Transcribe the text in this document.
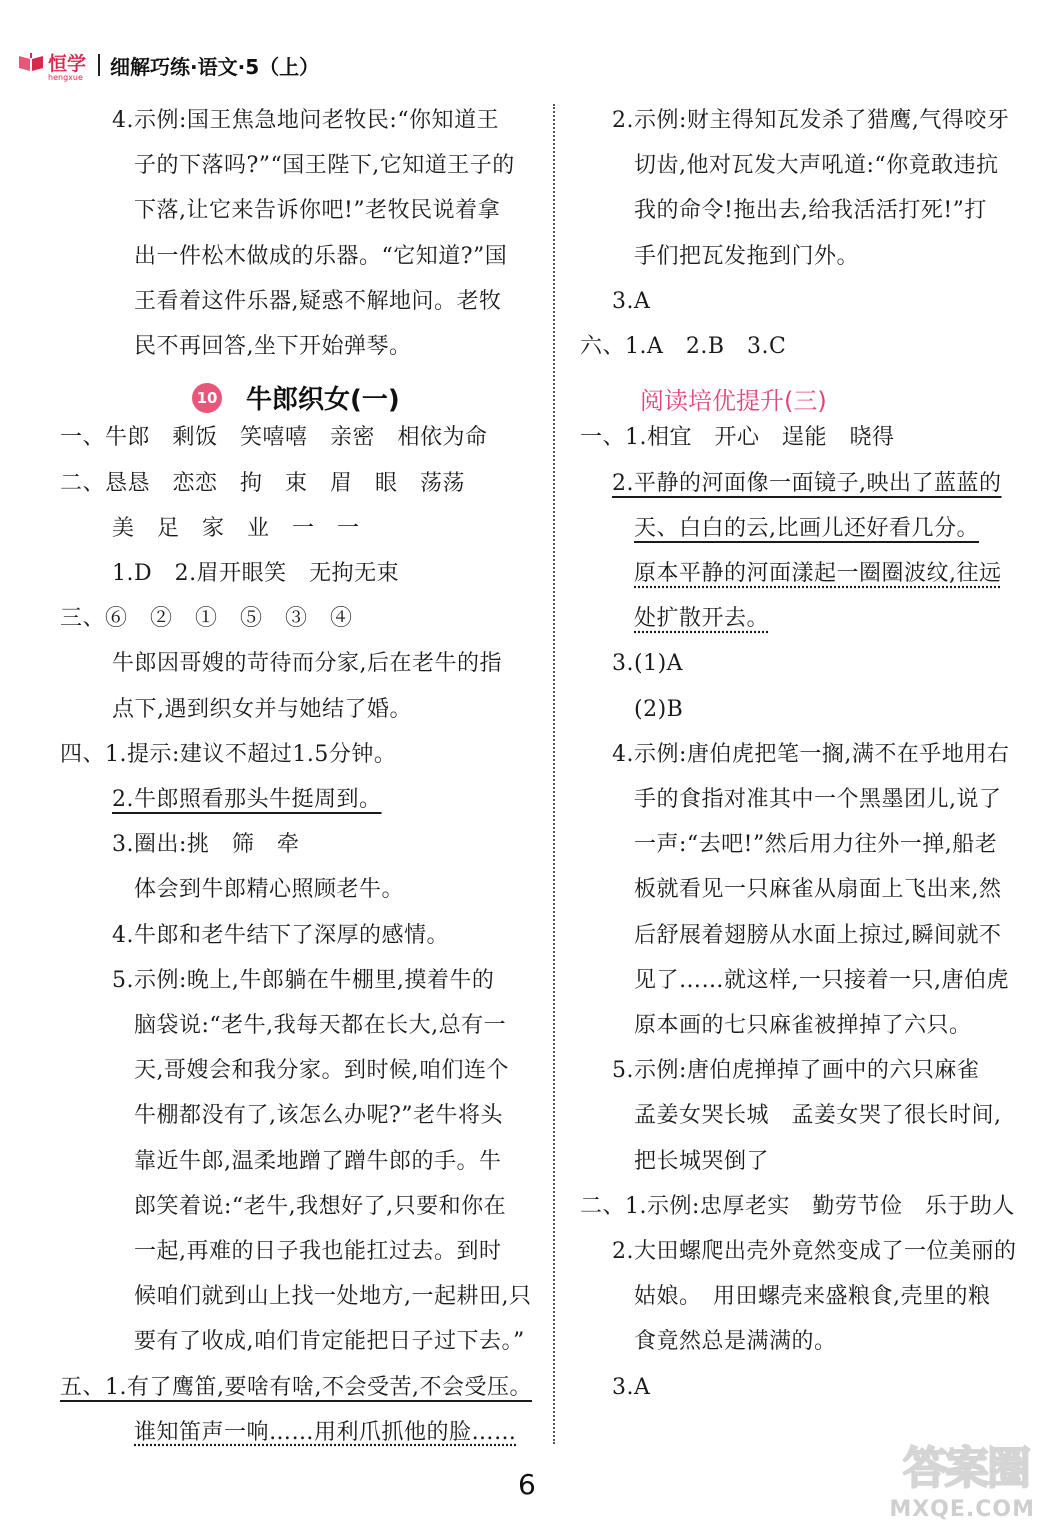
恒学
hengxue 细解巧练·语文·5（上）
4.示例:国王焦急地问老牧民:“你知道王
子的下落吗?”“国王陛下,它知道王子的
下落,让它来告诉你吧!”老牧民说着拿
出一件松木做成的乐器。“它知道?”国
王看着这件乐器,疑惑不解地问。老牧
民不再回答,坐下开始弹琴。
10 牛郎织女(一)
一、牛郎　剩饭　笑嘻嘻　亲密　相依为命
二、恳恳　恋恋　拘　束　眉　眼　荡荡
美　足　家　业　一　一
1.D　2.眉开眼笑　无拘无束
三、⑥　②　①　⑤　③　④
牛郎因哥嫂的苛待而分家,后在老牛的指
点下,遇到织女并与她结了婚。
四、1.提示:建议不超过1.5分钟。
2.牛郎照看那头牛挺周到。
3.圈出:挑　筛　牵
体会到牛郎精心照顾老牛。
4.牛郎和老牛结下了深厚的感情。
5.示例:晚上,牛郎躺在牛棚里,摸着牛的
脑袋说:“老牛,我每天都在长大,总有一
天,哥嫂会和我分家。到时候,咱们连个
牛棚都没有了,该怎么办呢?”老牛将头
靠近牛郎,温柔地蹭了蹭牛郎的手。牛
郎笑着说:“老牛,我想好了,只要和你在
一起,再难的日子我也能扛过去。到时
候咱们就到山上找一处地方,一起耕田,只
要有了收成,咱们肯定能把日子过下去。”
五、1.有了鹰笛,要啥有啥,不会受苦,不会受压。
谁知笛声一响……用利爪抓他的脸……
2.示例:财主得知瓦发杀了猎鹰,气得咬牙
切齿,他对瓦发大声吼道:“你竟敢违抗
我的命令!拖出去,给我活活打死!”打
手们把瓦发拖到门外。
3.A
六、1.A　2.B　3.C
阅读培优提升(三)
一、1.相宜　开心　逞能　晓得
2.平静的河面像一面镜子,映出了蓝蓝的
天、白白的云,比画儿还好看几分。
原本平静的河面漾起一圈圈波纹,往远
处扩散开去。
3.(1)A
(2)B
4.示例:唐伯虎把笔一搁,满不在乎地用右
手的食指对准其中一个黑墨团儿,说了
一声:“去吧!”然后用力往外一掸,船老
板就看见一只麻雀从扇面上飞出来,然
后舒展着翅膀从水面上掠过,瞬间就不
见了……就这样,一只接着一只,唐伯虎
原本画的七只麻雀被掸掉了六只。
5.示例:唐伯虎掸掉了画中的六只麻雀
孟姜女哭长城　孟姜女哭了很长时间,
把长城哭倒了
二、1.示例:忠厚老实　勤劳节俭　乐于助人
2.大田螺爬出壳外竟然变成了一位美丽的
姑娘。　用田螺壳来盛粮食,壳里的粮
食竟然总是满满的。
3.A
6	答案圈
MXQE.COM
